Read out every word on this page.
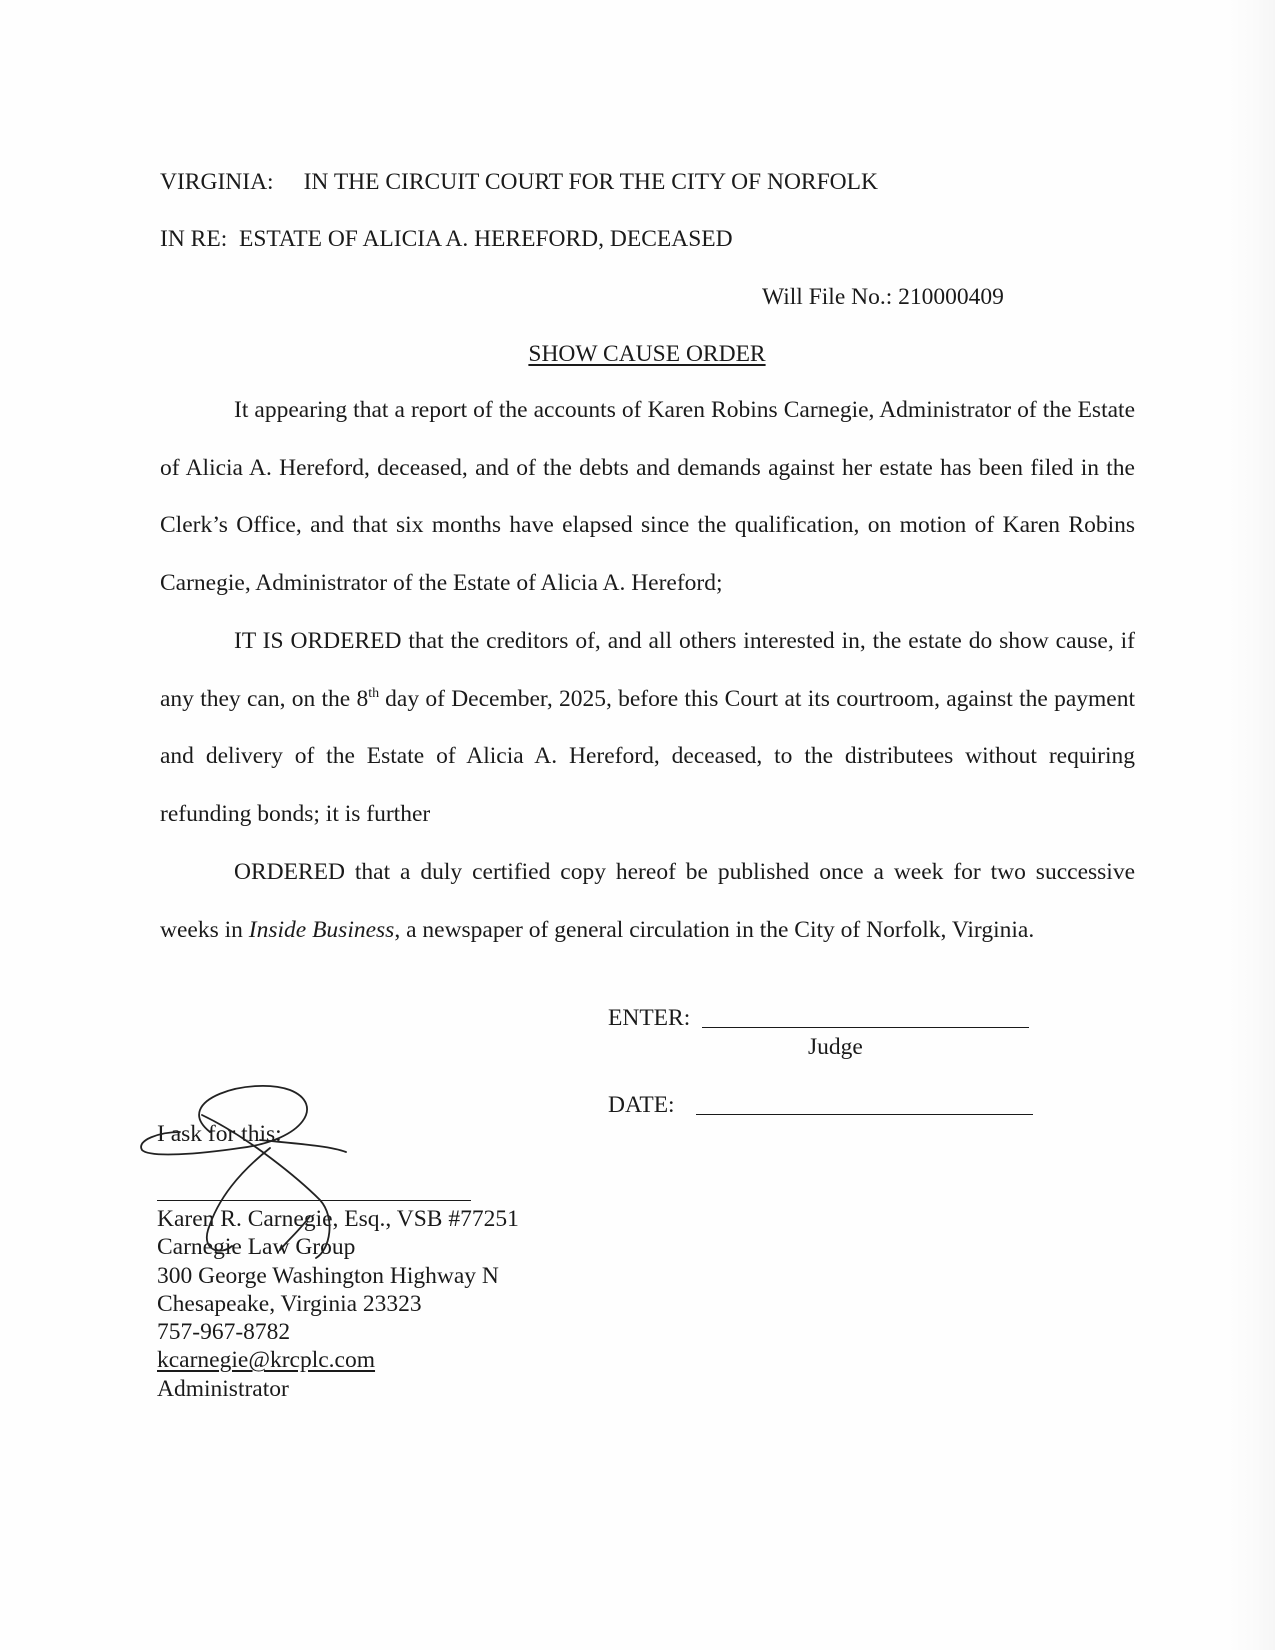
VIRGINIA: IN THE CIRCUIT COURT FOR THE CITY OF NORFOLK
IN RE:  ESTATE OF ALICIA A. HEREFORD, DECEASED
Will File No.: 210000409
SHOW CAUSE ORDER

It appearing that a report of the accounts of Karen Robins Carnegie, Administrator of the Estate of Alicia A. Hereford, deceased, and of the debts and demands against her estate has been filed in the Clerk’s Office, and that six months have elapsed since the qualification, on motion of Karen Robins Carnegie, Administrator of the Estate of Alicia A. Hereford;

IT IS ORDERED that the creditors of, and all others interested in, the estate do show cause, if any they can, on the 8th day of December, 2025, before this Court at its courtroom, against the payment and delivery of the Estate of Alicia A. Hereford, deceased, to the distributees without requiring refunding bonds; it is further

ORDERED that a duly certified copy hereof be published once a week for two successive weeks in Inside Business, a newspaper of general circulation in the City of Norfolk, Virginia.

ENTER:
Judge
DATE:
I ask for this:
Karen R. Carnegie, Esq., VSB #77251
Carnegie Law Group
300 George Washington Highway N
Chesapeake, Virginia 23323
757-967-8782
kcarnegie@krcplc.com
Administrator
